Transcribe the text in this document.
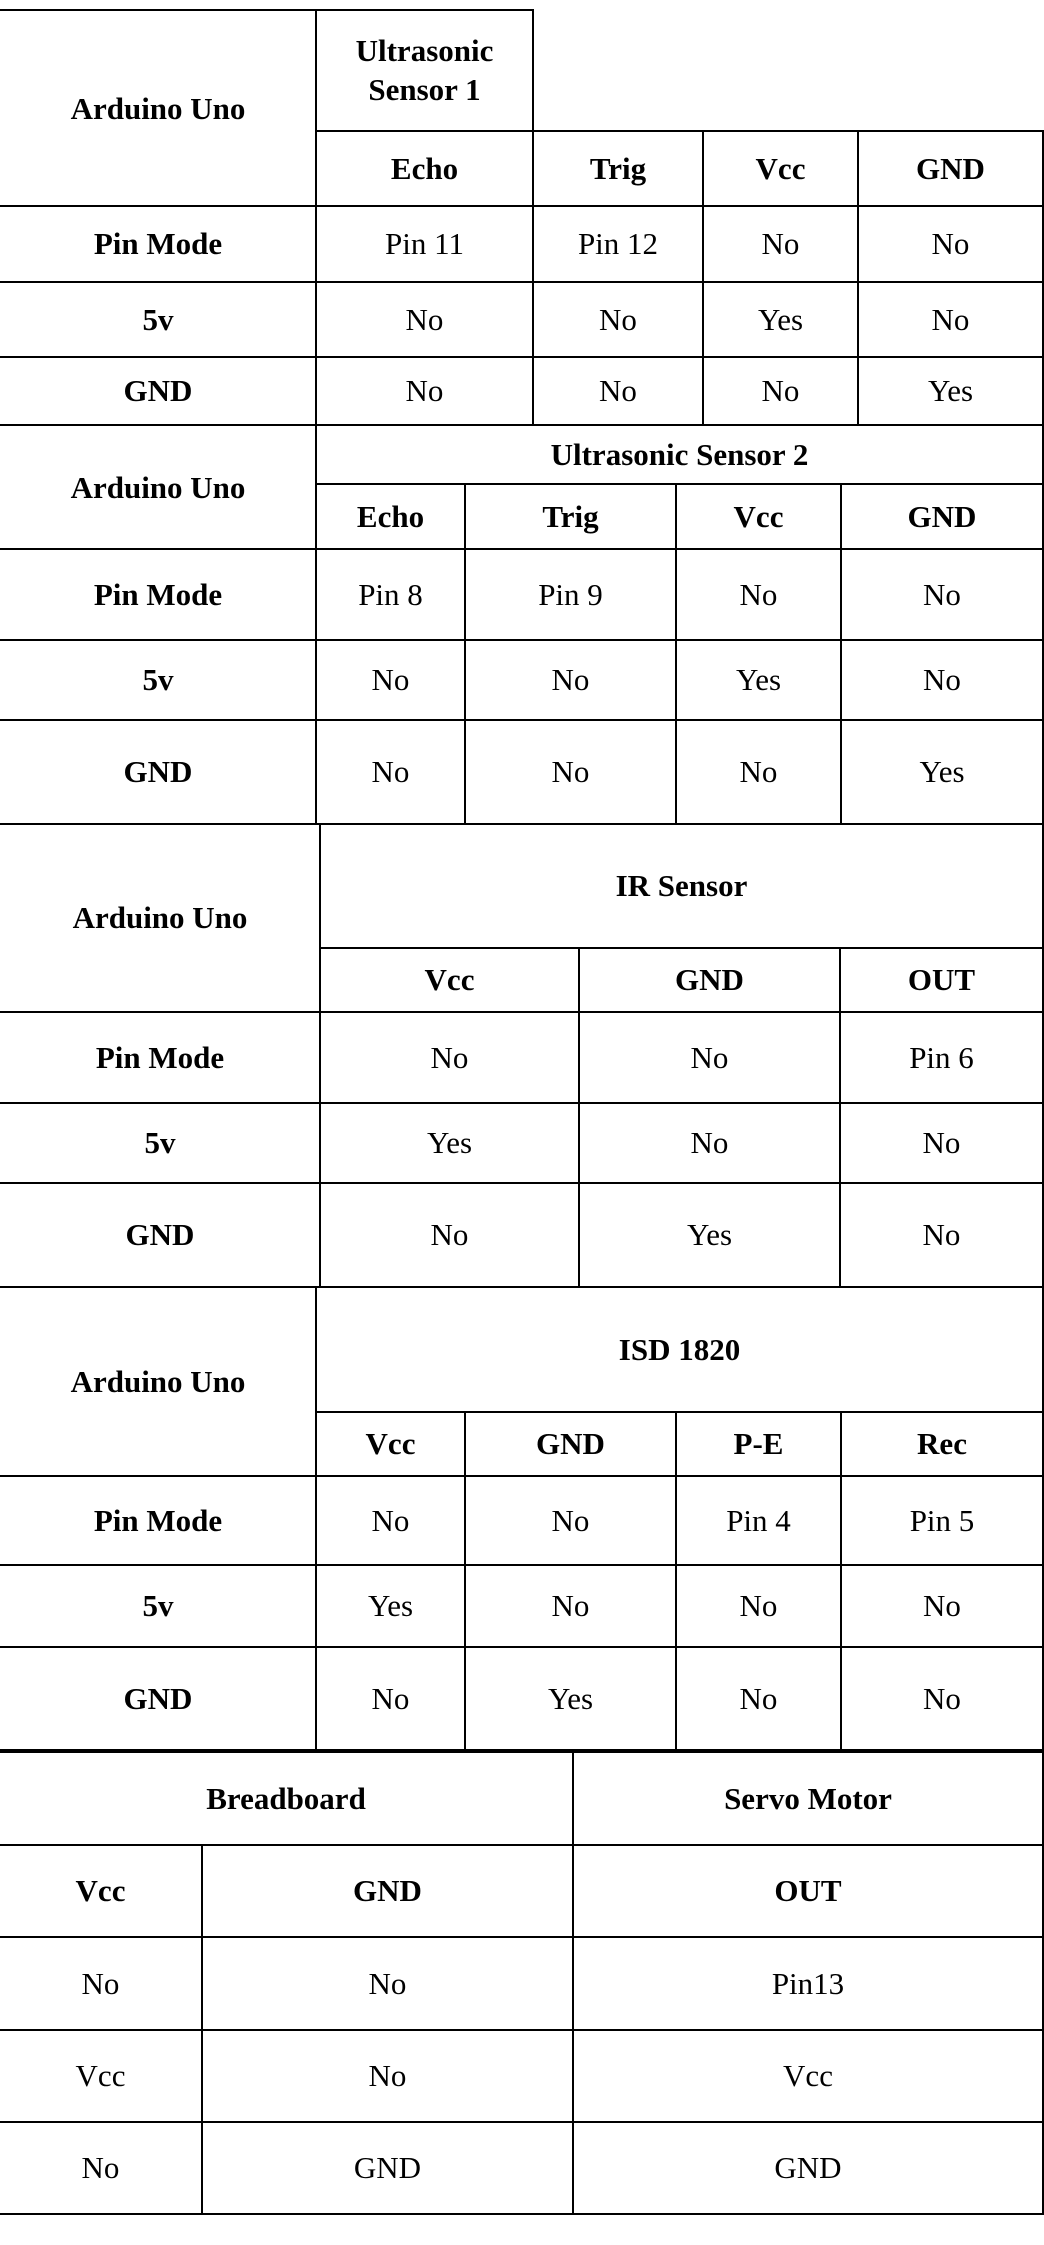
Arduino Uno
Ultrasonic
Sensor 1
Echo	Trig	Vcc	GND
Pin Mode	Pin 11	Pin 12	No	No
5v	No	No	Yes	No
GND	No	No	No	Yes
Arduino Uno
Ultrasonic Sensor 2
Echo	Trig	Vcc	GND
Pin Mode	Pin 8	Pin 9	No	No
5v	No	No	Yes	No
GND	No	No	No	Yes
Arduino Uno
IR Sensor
Vcc	GND	OUT
Pin Mode	No	No	Pin 6
5v	Yes	No	No
GND	No	Yes	No
Arduino Uno
ISD 1820
Vcc	GND	P-E	Rec
Pin Mode	No	No	Pin 4	Pin 5
5v	Yes	No	No	No
GND	No	Yes	No	No
Breadboard	Servo Motor
Vcc	GND	OUT
No	No	Pin13
Vcc	No	Vcc
No	GND	GND
